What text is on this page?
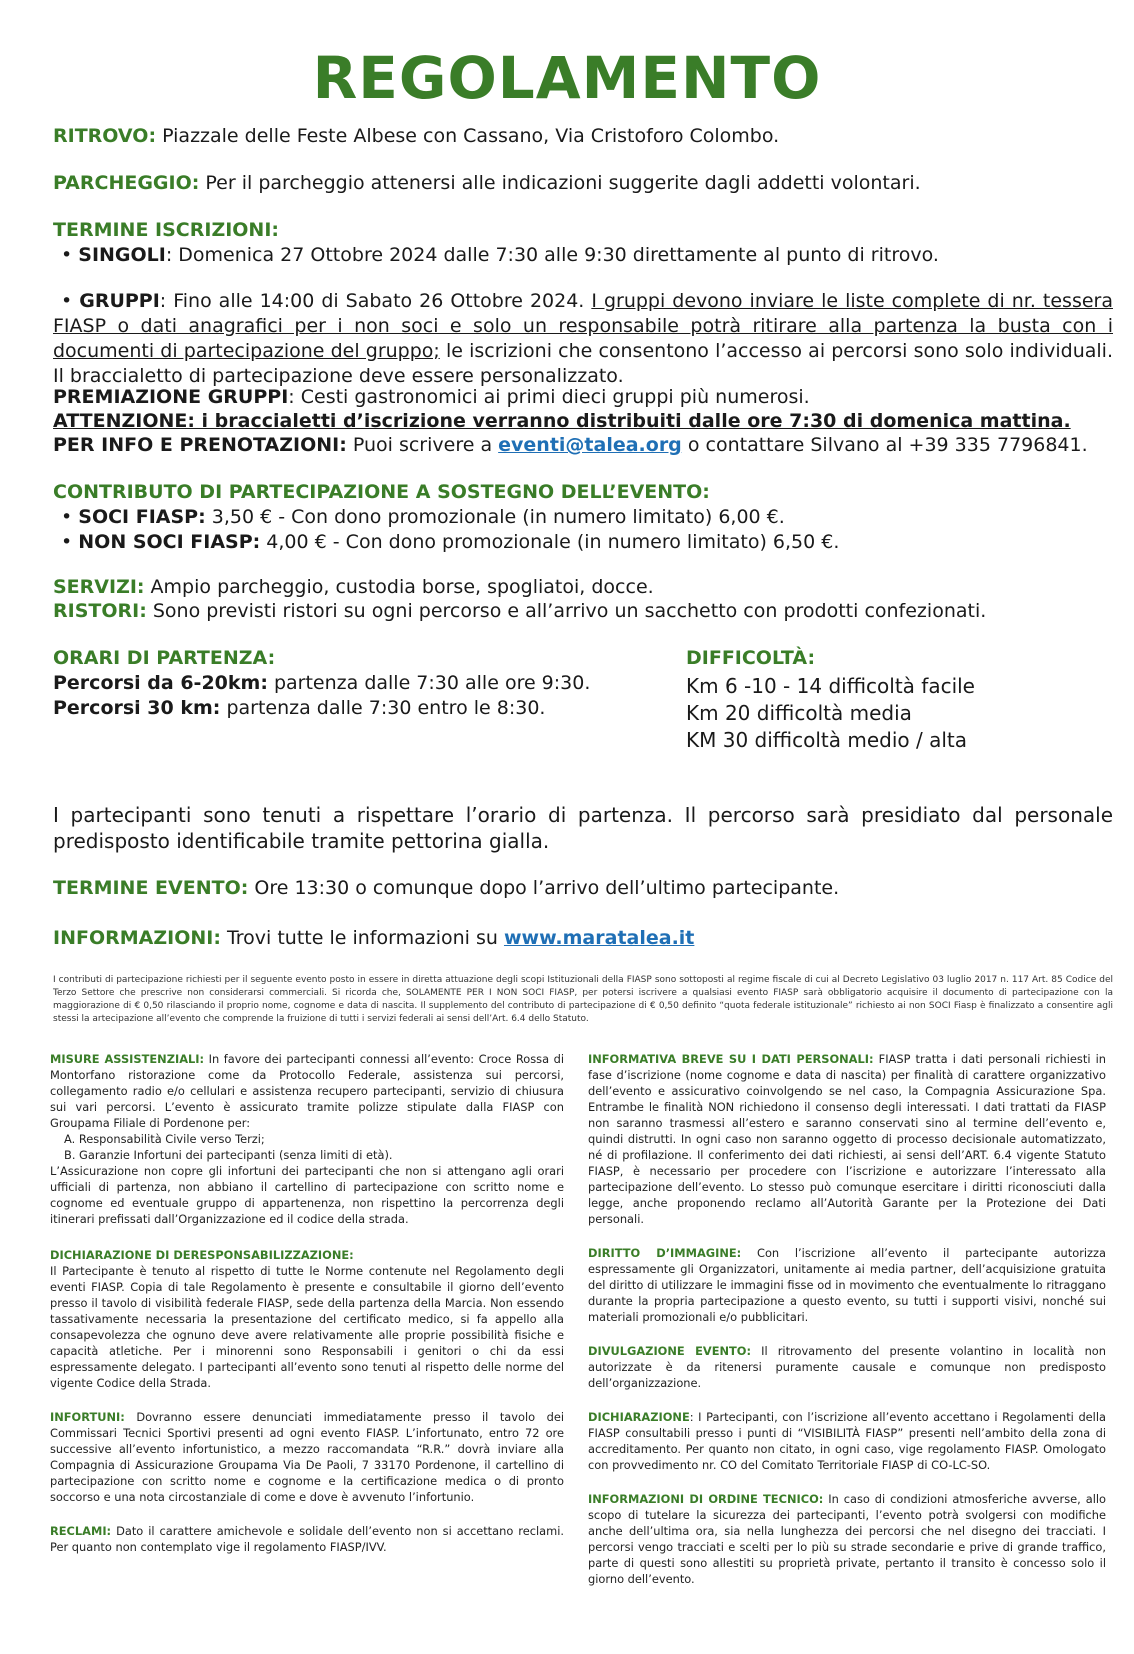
REGOLAMENTO
RITROVO: Piazzale delle Feste Albese con Cassano, Via Cristoforo Colombo.
PARCHEGGIO: Per il parcheggio attenersi alle indicazioni suggerite dagli addetti volontari.
TERMINE ISCRIZIONI:
• SINGOLI: Domenica 27 Ottobre 2024 dalle 7:30 alle 9:30 direttamente al punto di ritrovo.
• GRUPPI: Fino alle 14:00 di Sabato 26 Ottobre 2024. I gruppi devono inviare le liste complete di nr. tessera FIASP o dati anagrafici per i non soci e solo un responsabile potrà ritirare alla partenza la busta con i documenti di partecipazione del gruppo; le iscrizioni che consentono l’accesso ai percorsi sono solo individuali. Il braccialetto di partecipazione deve essere personalizzato.
PREMIAZIONE GRUPPI: Cesti gastronomici ai primi dieci gruppi più numerosi.
ATTENZIONE: i braccialetti d’iscrizione verranno distribuiti dalle ore 7:30 di domenica mattina.
PER INFO E PRENOTAZIONI: Puoi scrivere a eventi@talea.org o contattare Silvano al +39 335 7796841.
CONTRIBUTO DI PARTECIPAZIONE A SOSTEGNO DELL’EVENTO:
• SOCI FIASP: 3,50 € - Con dono promozionale (in numero limitato) 6,00 €.
• NON SOCI FIASP: 4,00 € - Con dono promozionale (in numero limitato) 6,50 €.
SERVIZI: Ampio parcheggio, custodia borse, spogliatoi, docce.
RISTORI: Sono previsti ristori su ogni percorso e all’arrivo un sacchetto con prodotti confezionati.
ORARI DI PARTENZA:
Percorsi da 6-20km: partenza dalle 7:30 alle ore 9:30.
Percorsi 30 km: partenza dalle 7:30 entro le 8:30.
DIFFICOLTÀ:
Km 6 -10 - 14 difficoltà facile
Km 20 difficoltà media
KM 30 difficoltà medio / alta
I partecipanti sono tenuti a rispettare l’orario di partenza. Il percorso sarà presidiato dal personale predisposto identificabile tramite pettorina gialla.
TERMINE EVENTO: Ore 13:30 o comunque dopo l’arrivo dell’ultimo partecipante.
INFORMAZIONI: Trovi tutte le informazioni su www.maratalea.it
I contributi di partecipazione richiesti per il seguente evento posto in essere in diretta attuazione degli scopi Istituzionali della FIASP sono sottoposti al regime fiscale di cui al Decreto Legislativo 03 luglio 2017 n. 117 Art. 85 Codice del Terzo Settore che prescrive non considerarsi commerciali. Si ricorda che, SOLAMENTE PER I NON SOCI FIASP, per potersi iscrivere a qualsiasi evento FIASP sarà obbligatorio acquisire il documento di partecipazione con la maggiorazione di € 0,50 rilasciando il proprio nome, cognome e data di nascita. Il supplemento del contributo di partecipazione di € 0,50 definito “quota federale istituzionale” richiesto ai non SOCI Fiasp è finalizzato a consentire agli stessi la artecipazione all’evento che comprende la fruizione di tutti i servizi federali ai sensi dell’Art. 6.4 dello Statuto.

MISURE ASSISTENZIALI: In favore dei partecipanti connessi all’evento: Croce Rossa di Montorfano ristorazione come da Protocollo Federale, assistenza sui percorsi, collegamento radio e/o cellulari e assistenza recupero partecipanti, servizio di chiusura sui vari percorsi. L’evento è assicurato tramite polizze stipulate dalla FIASP con Groupama Filiale di Pordenone per:

A. Responsabilità Civile verso Terzi;

B. Garanzie Infortuni dei partecipanti (senza limiti di età).

L’Assicurazione non copre gli infortuni dei partecipanti che non si attengano agli orari ufficiali di partenza, non abbiano il cartellino di partecipazione con scritto nome e cognome ed eventuale gruppo di appartenenza, non rispettino la percorrenza degli itinerari prefissati dall’Organizzazione ed il codice della strada.

DICHIARAZIONE DI DERESPONSABILIZZAZIONE:

Il Partecipante è tenuto al rispetto di tutte le Norme contenute nel Regolamento degli eventi FIASP. Copia di tale Regolamento è presente e consultabile il giorno dell’evento presso il tavolo di visibilità federale FIASP, sede della partenza della Marcia. Non essendo tassativamente necessaria la presentazione del certificato medico, si fa appello alla consapevolezza che ognuno deve avere relativamente alle proprie possibilità fisiche e capacità atletiche. Per i minorenni sono Responsabili i genitori o chi da essi espressamente delegato. I partecipanti all’evento sono tenuti al rispetto delle norme del vigente Codice della Strada.

INFORTUNI: Dovranno essere denunciati immediatamente presso il tavolo dei Commissari Tecnici Sportivi presenti ad ogni evento FIASP. L’infortunato, entro 72 ore successive all’evento infortunistico, a mezzo raccomandata “R.R.” dovrà inviare alla Compagnia di Assicurazione Groupama Via De Paoli, 7 33170 Pordenone, il cartellino di partecipazione con scritto nome e cognome e la certificazione medica o di pronto soccorso e una nota circostanziale di come e dove è avvenuto l’infortunio.

RECLAMI: Dato il carattere amichevole e solidale dell’evento non si accettano reclami. Per quanto non contemplato vige il regolamento FIASP/IVV.

INFORMATIVA BREVE SU I DATI PERSONALI: FIASP tratta i dati personali richiesti in fase d’iscrizione (nome cognome e data di nascita) per finalità di carattere organizzativo dell’evento e assicurativo coinvolgendo se nel caso, la Compagnia Assicurazione Spa. Entrambe le finalità NON richiedono il consenso degli interessati. I dati trattati da FIASP non saranno trasmessi all’estero e saranno conservati sino al termine dell’evento e, quindi distrutti. In ogni caso non saranno oggetto di processo decisionale automatizzato, né di profilazione. Il conferimento dei dati richiesti, ai sensi dell’ART. 6.4 vigente Statuto FIASP, è necessario per procedere con l’iscrizione e autorizzare l’interessato alla partecipazione dell’evento. Lo stesso può comunque esercitare i diritti riconosciuti dalla legge, anche proponendo reclamo all’Autorità Garante per la Protezione dei Dati personali.

DIRITTO D’IMMAGINE: Con l’iscrizione all’evento il partecipante autorizza espressamente gli Organizzatori, unitamente ai media partner, dell’acquisizione gratuita del diritto di utilizzare le immagini fisse od in movimento che eventualmente lo ritraggano durante la propria partecipazione a questo evento, su tutti i supporti visivi, nonché sui materiali promozionali e/o pubblicitari.

DIVULGAZIONE EVENTO: Il ritrovamento del presente volantino in località non autorizzate è da ritenersi puramente causale e comunque non predisposto dell’organizzazione.

DICHIARAZIONE: I Partecipanti, con l’iscrizione all’evento accettano i Regolamenti della FIASP consultabili presso i punti di “VISIBILITÀ FIASP” presenti nell’ambito della zona di accreditamento. Per quanto non citato, in ogni caso, vige regolamento FIASP. Omologato con provvedimento nr. CO del Comitato Territoriale FIASP di CO-LC-SO.

INFORMAZIONI DI ORDINE TECNICO: In caso di condizioni atmosferiche avverse, allo scopo di tutelare la sicurezza dei partecipanti, l’evento potrà svolgersi con modifiche anche dell’ultima ora, sia nella lunghezza dei percorsi che nel disegno dei tracciati. I percorsi vengo tracciati e scelti per lo più su strade secondarie e prive di grande traffico, parte di questi sono allestiti su proprietà private, pertanto il transito è concesso solo il giorno dell’evento.
